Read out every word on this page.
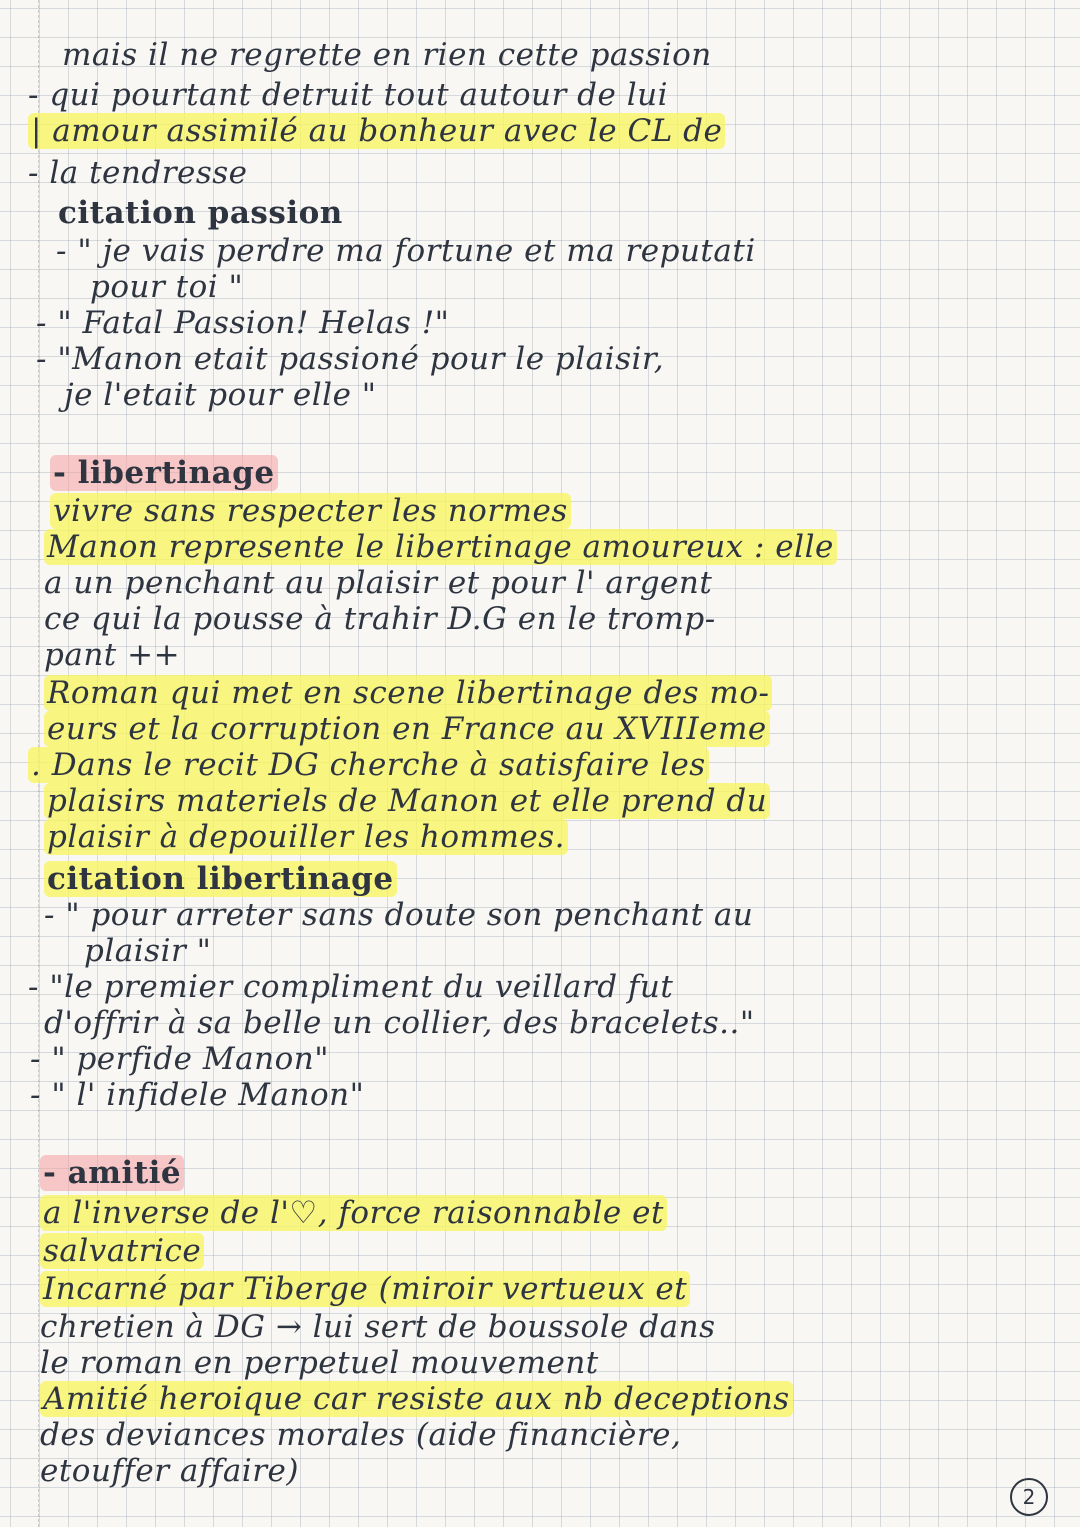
mais il ne regrette en rien cette passion
- qui pourtant detruit tout autour de lui
| amour assimilé au bonheur avec le CL de
- la tendresse
citation passion
- " je vais perdre ma fortune et ma reputati
pour toi "
- " Fatal Passion! Helas !"
- "Manon etait passioné pour le plaisir,
je l'etait pour elle "
- libertinage
vivre sans respecter les normes
Manon represente le libertinage amoureux : elle
a un penchant au plaisir et pour l' argent
ce qui la pousse à trahir D.G en le tromp-
pant ++
Roman qui met en scene libertinage des mo-
eurs et la corruption en France au XVIIIeme
. Dans le recit DG cherche à satisfaire les
plaisirs materiels de Manon et elle prend du
plaisir à depouiller les hommes.
citation libertinage
- " pour arreter sans doute son penchant au
plaisir "
- "le premier compliment du veillard fut
d'offrir à sa belle un collier, des bracelets.."
- " perfide Manon"
- " l' infidele Manon"
- amitié
a l'inverse de l'♡, force raisonnable et
salvatrice
Incarné par Tiberge (miroir vertueux et
chretien à DG → lui sert de boussole dans
le roman en perpetuel mouvement
Amitié heroique car resiste aux nb deceptions
des deviances morales (aide financière,
etouffer affaire)
2
